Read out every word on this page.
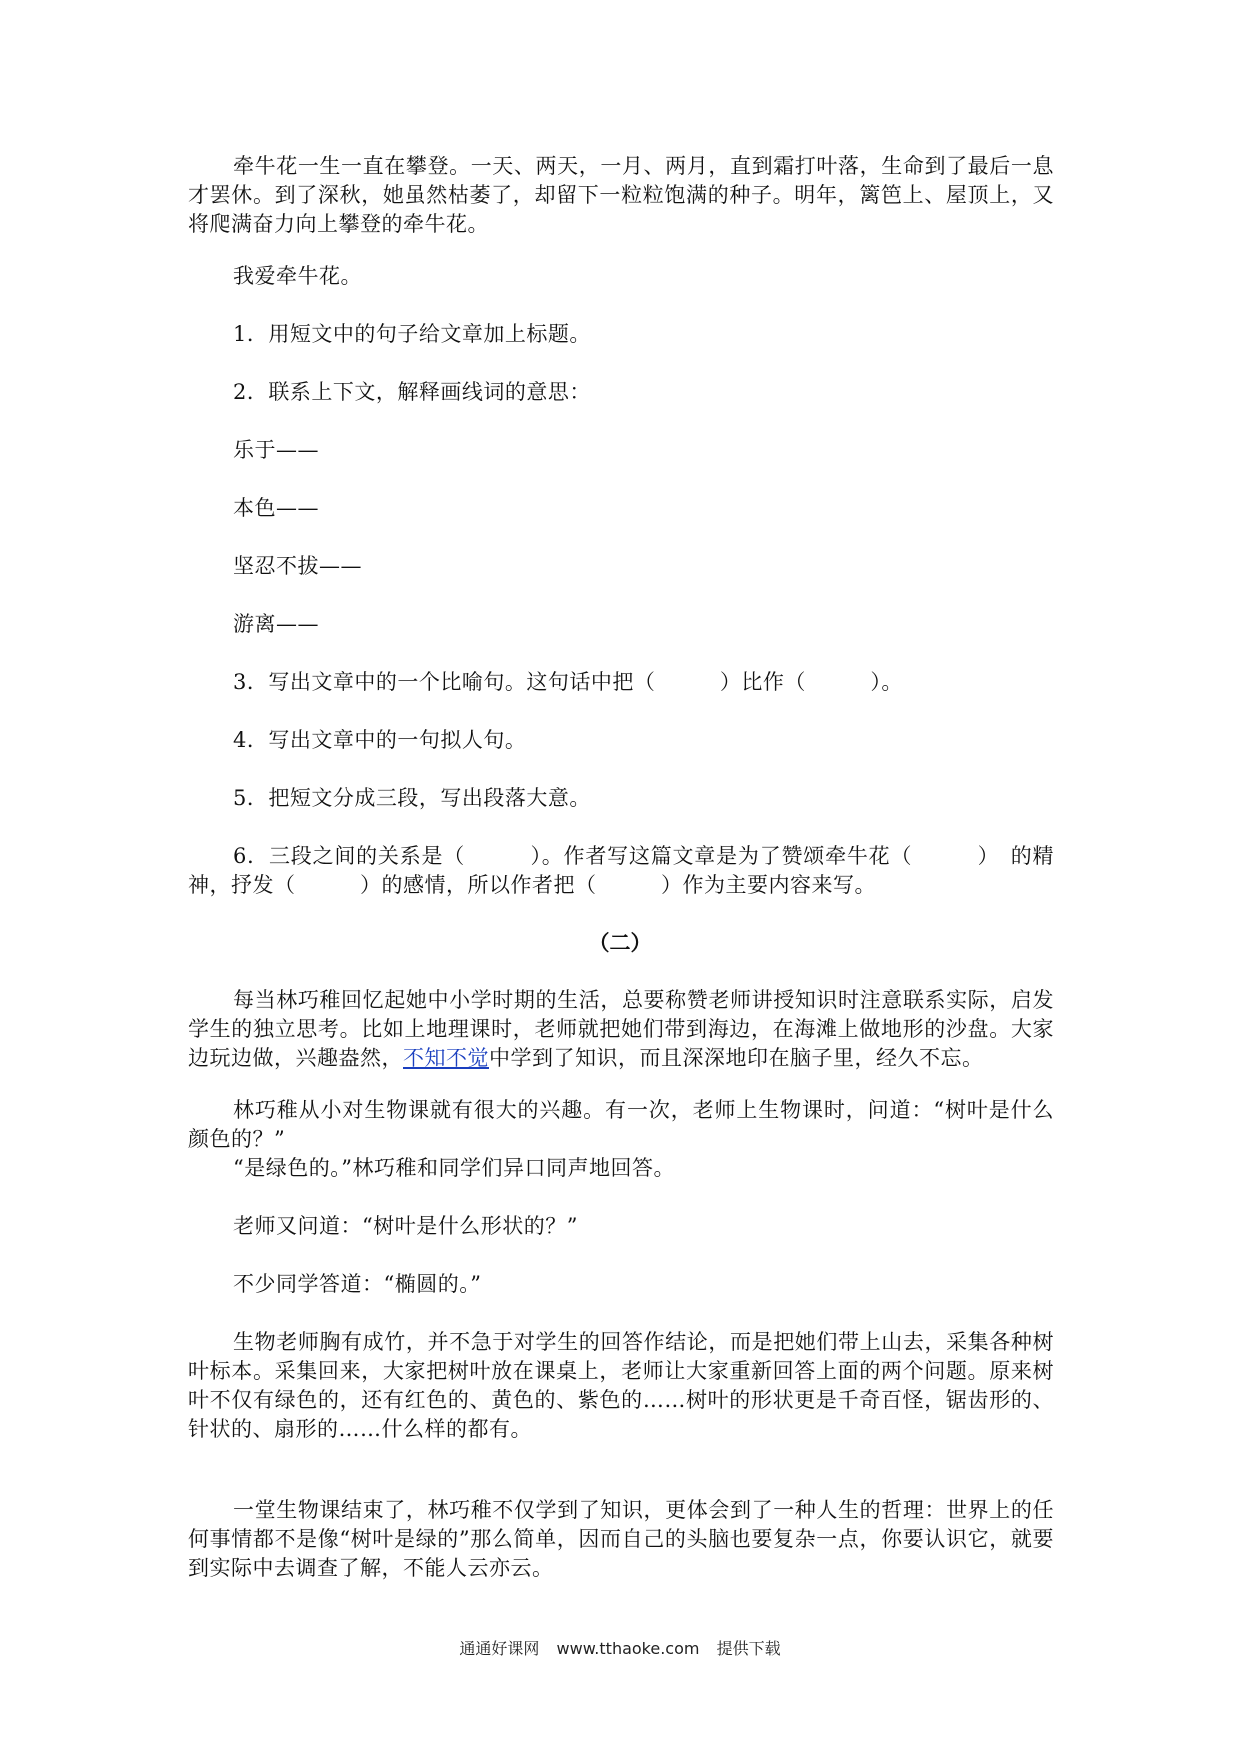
牵牛花一生一直在攀登。一天、两天，一月、两月，直到霜打叶落，生命到了最后一息才罢休。到了深秋，她虽然枯萎了，却留下一粒粒饱满的种子。明年，篱笆上、屋顶上，又将爬满奋力向上攀登的牵牛花。

我爱牵牛花。

1．用短文中的句子给文章加上标题。

2．联系上下文，解释画线词的意思：

乐于——

本色——

坚忍不拔——

游离——

3．写出文章中的一个比喻句。这句话中把（　　　）比作（　　　）。

4．写出文章中的一句拟人句。

5．把短文分成三段，写出段落大意。

6．三段之间的关系是（　　　）。作者写这篇文章是为了赞颂牵牛花（　　　）　的精神，抒发（　　　）的感情，所以作者把（　　　）作为主要内容来写。

（二）

每当林巧稚回忆起她中小学时期的生活，总要称赞老师讲授知识时注意联系实际，启发学生的独立思考。比如上地理课时，老师就把她们带到海边，在海滩上做地形的沙盘。大家边玩边做，兴趣盎然，不知不觉中学到了知识，而且深深地印在脑子里，经久不忘。

林巧稚从小对生物课就有很大的兴趣。有一次，老师上生物课时，问道：“树叶是什么颜色的？”

“是绿色的。”林巧稚和同学们异口同声地回答。

老师又问道：“树叶是什么形状的？”

不少同学答道：“椭圆的。”

生物老师胸有成竹，并不急于对学生的回答作结论，而是把她们带上山去，采集各种树叶标本。采集回来，大家把树叶放在课桌上，老师让大家重新回答上面的两个问题。原来树叶不仅有绿色的，还有红色的、黄色的、紫色的……树叶的形状更是千奇百怪，锯齿形的、针状的、扇形的……什么样的都有。

一堂生物课结束了，林巧稚不仅学到了知识，更体会到了一种人生的哲理：世界上的任何事情都不是像“树叶是绿的”那么简单，因而自己的头脑也要复杂一点，你要认识它，就要到实际中去调查了解，不能人云亦云。

通通好课网 www.tthaoke.com 提供下载
